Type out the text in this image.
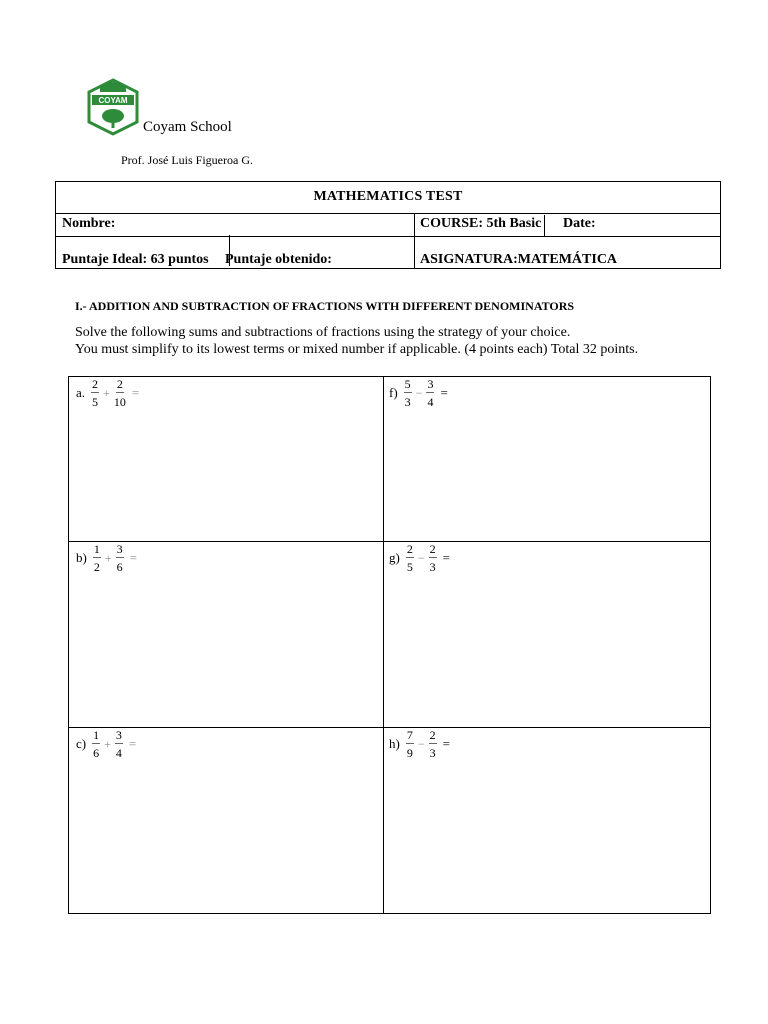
COYAM
Coyam School
Prof. José Luis Figueroa G.
MATHEMATICS TEST
Nombre:	COURSE: 5th Basic Date:
Puntaje Ideal: 63 puntos Puntaje obtenido:	ASIGNATURA:MATEMÁTICA
I.- ADDITION AND SUBTRACTION OF FRACTIONS WITH DIFFERENT DENOMINATORS
Solve the following sums and subtractions of fractions using the strategy of your choice.
You must simplify to its lowest terms or mixed number if applicable. (4 points each) Total 32 points.
a. $\frac{2}{5} + \frac{2}{10}$ =	$f) \frac{5}{3} - \frac{3}{4}$ =
$b) \frac{1}{2} + \frac{3}{6}$ =	$g) \frac{2}{5} - \frac{2}{3}$ =
$c) \frac{1}{6} + \frac{3}{4}$ =	$h) \frac{7}{9} - \frac{2}{3}$ =
